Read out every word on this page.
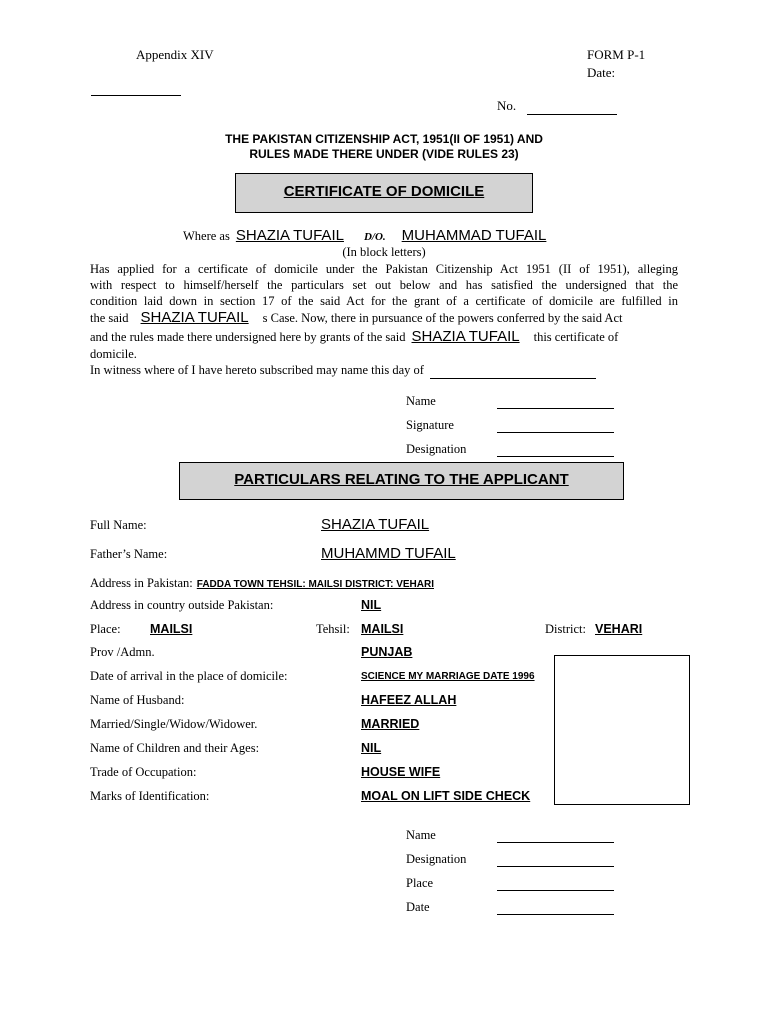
Appendix XIV	FORM P-1
Date:
No.
THE PAKISTAN CITIZENSHIP ACT, 1951(II OF 1951) AND
RULES MADE THERE UNDER (VIDE RULES 23)
CERTIFICATE OF DOMICILE
Where as SHAZIA TUFAIL D/O. MUHAMMAD TUFAIL
(In block letters)
Has applied for a certificate of domicile under the Pakistan Citizenship Act 1951 (II of 1951), alleging
with respect to himself/herself the particulars set out below and has satisfied the undersigned that the
condition laid down in section 17 of the said Act for the grant of a certificate of domicile are fulfilled in
the said SHAZIA TUFAIL s Case. Now, there in pursuance of the powers conferred by the said Act
and the rules made there undersigned here by grants of the said SHAZIA TUFAIL this certificate of
domicile.
In witness where of I have hereto subscribed may name this day of
Name
Signature
Designation
PARTICULARS RELATING TO THE APPLICANT
Full Name:	SHAZIA TUFAIL
Father’s Name:	MUHAMMD TUFAIL
Address in Pakistan: FADDA TOWN TEHSIL: MAILSI DISTRICT: VEHARI
Address in country outside Pakistan:	NIL
Place: MAILSI	Tehsil: MAILSI	District: VEHARI
Prov /Admn.	PUNJAB
Date of arrival in the place of domicile:	SCIENCE MY MARRIAGE DATE 1996
Name of Husband:	HAFEEZ ALLAH
Married/Single/Widow/Widower.	MARRIED
Name of Children and their Ages:	NIL
Trade of Occupation:	HOUSE WIFE
Marks of Identification:	MOAL ON LIFT SIDE CHECK
Name
Designation
Place
Date
